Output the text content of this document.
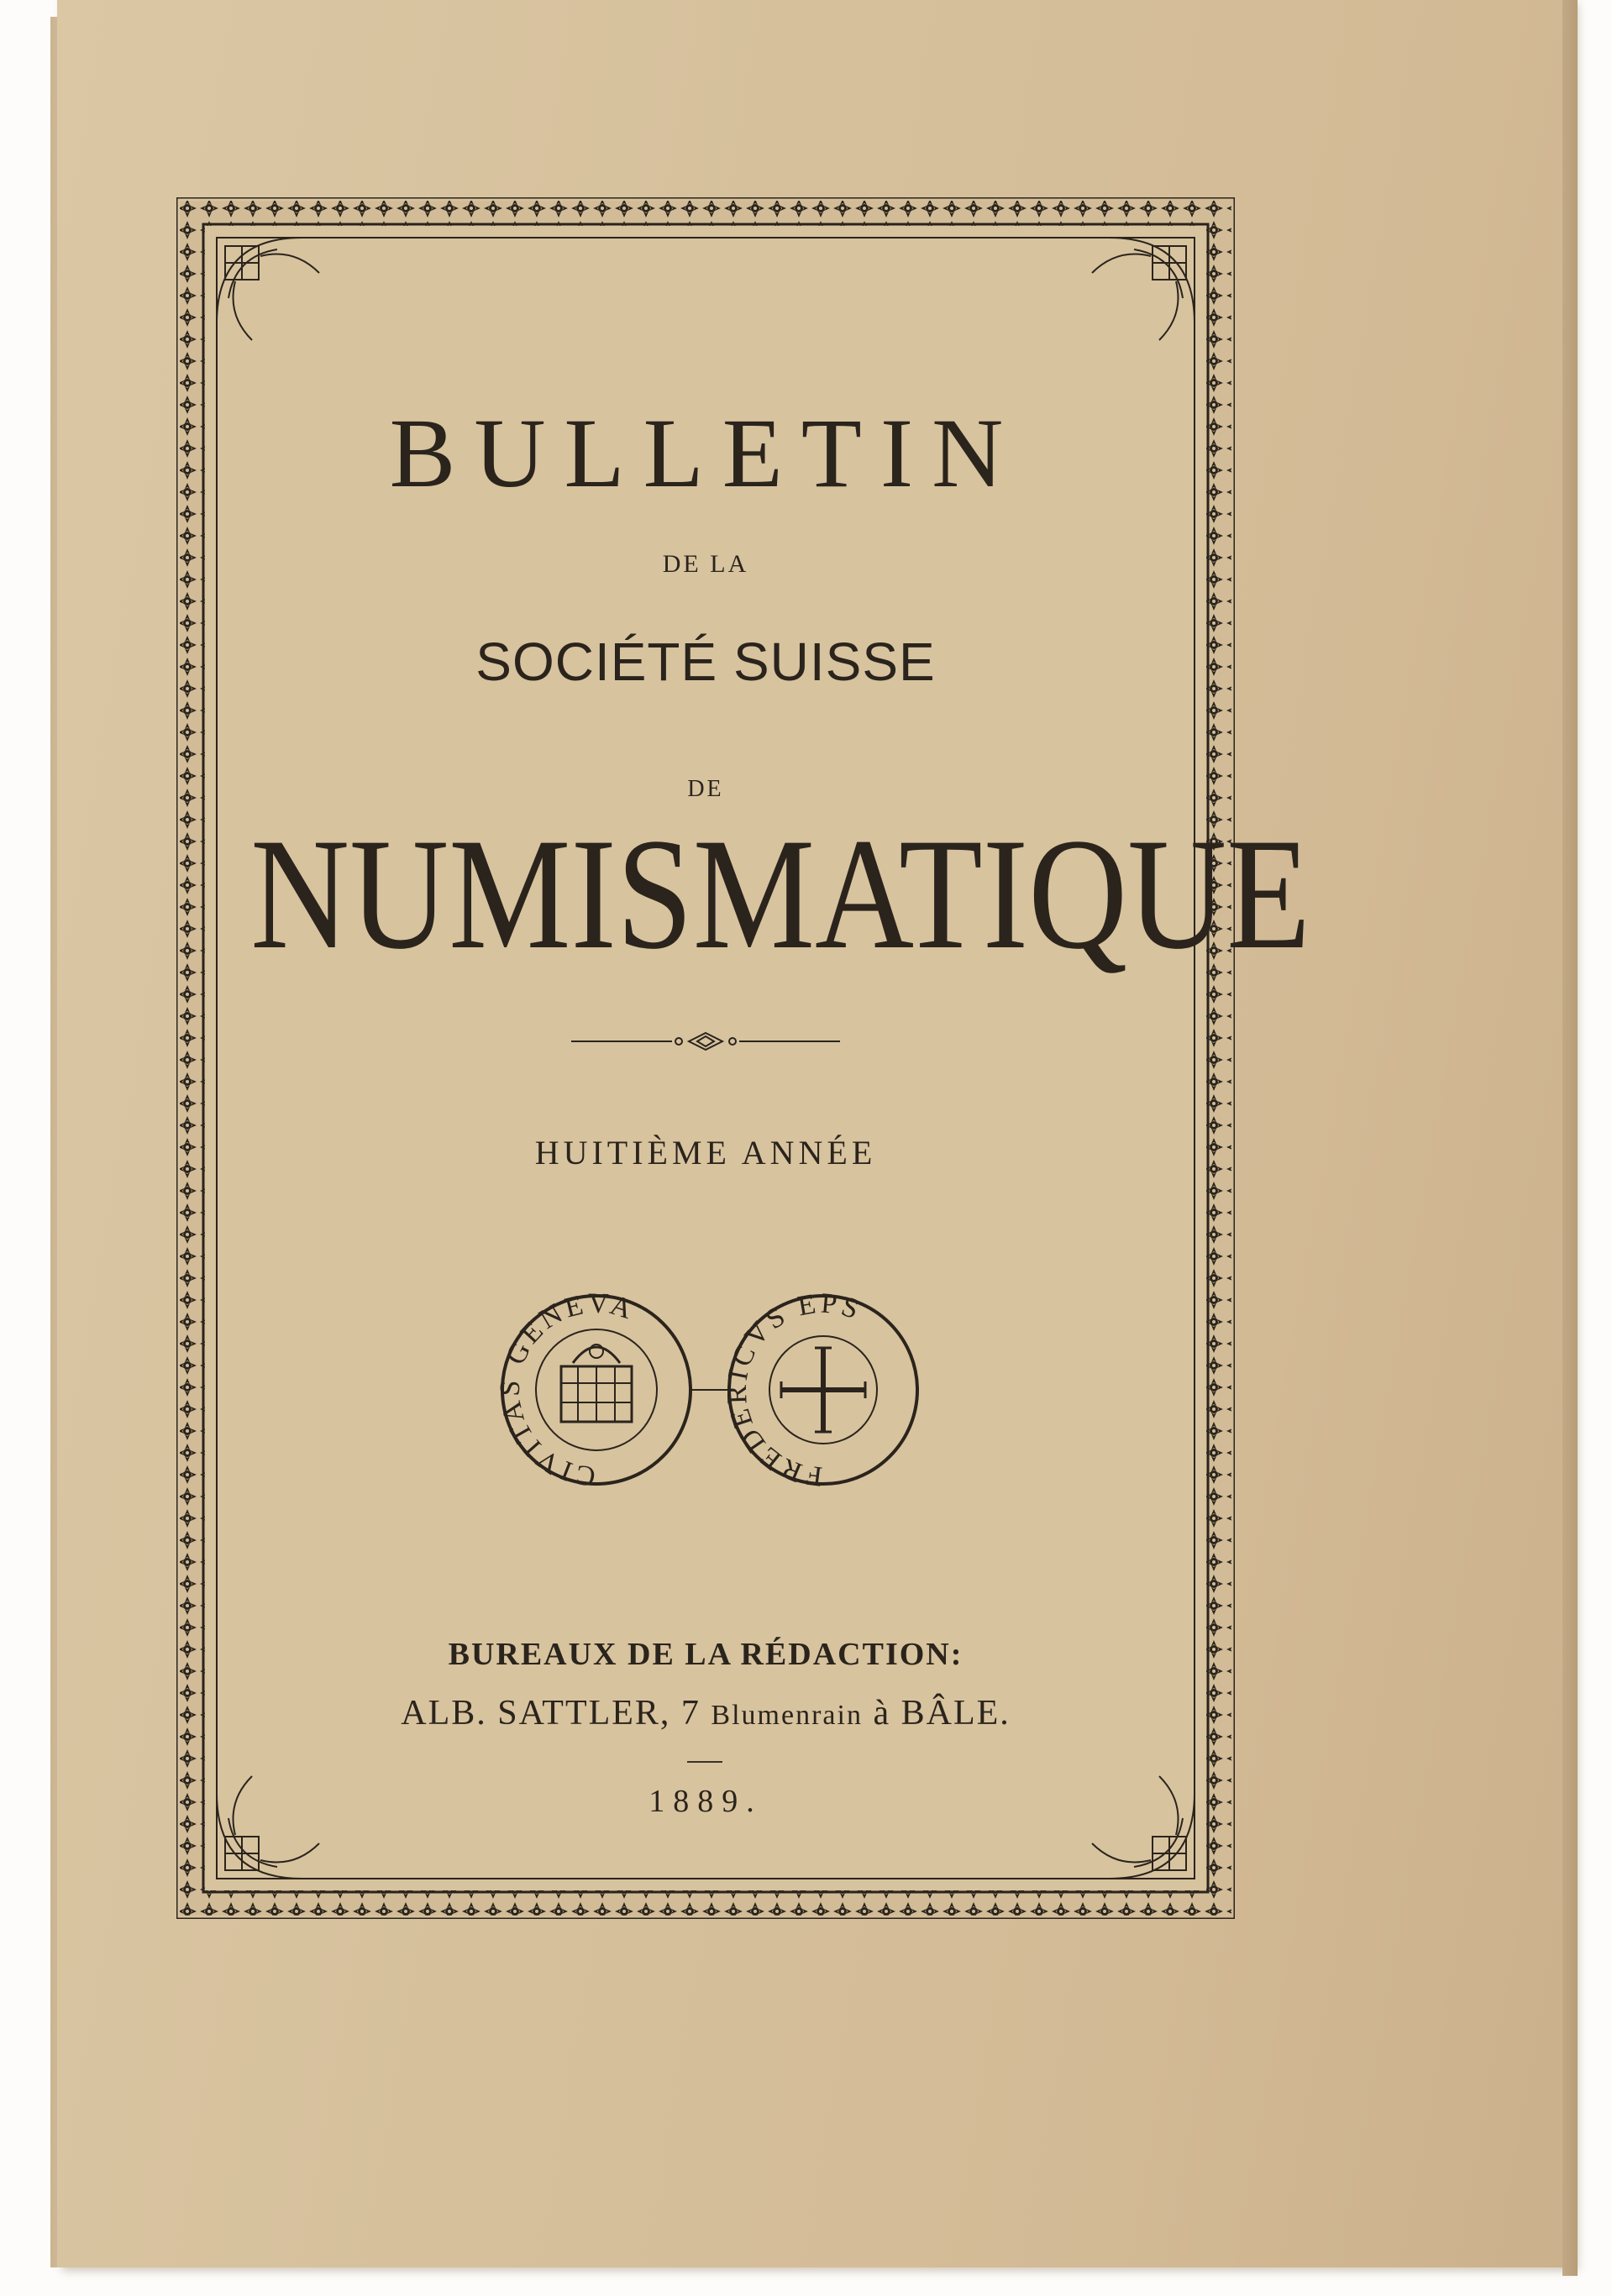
BULLETIN
DE LA
SOCIÉTÉ SUISSE
DE
NUMISMATIQUE
HUITIÈME ANNÉE
CIVITAS GENEVA
FREDERICVS EPS
BUREAUX DE LA RÉDACTION:
ALB. SATTLER, 7 Blumenrain à BÂLE.
1889.
